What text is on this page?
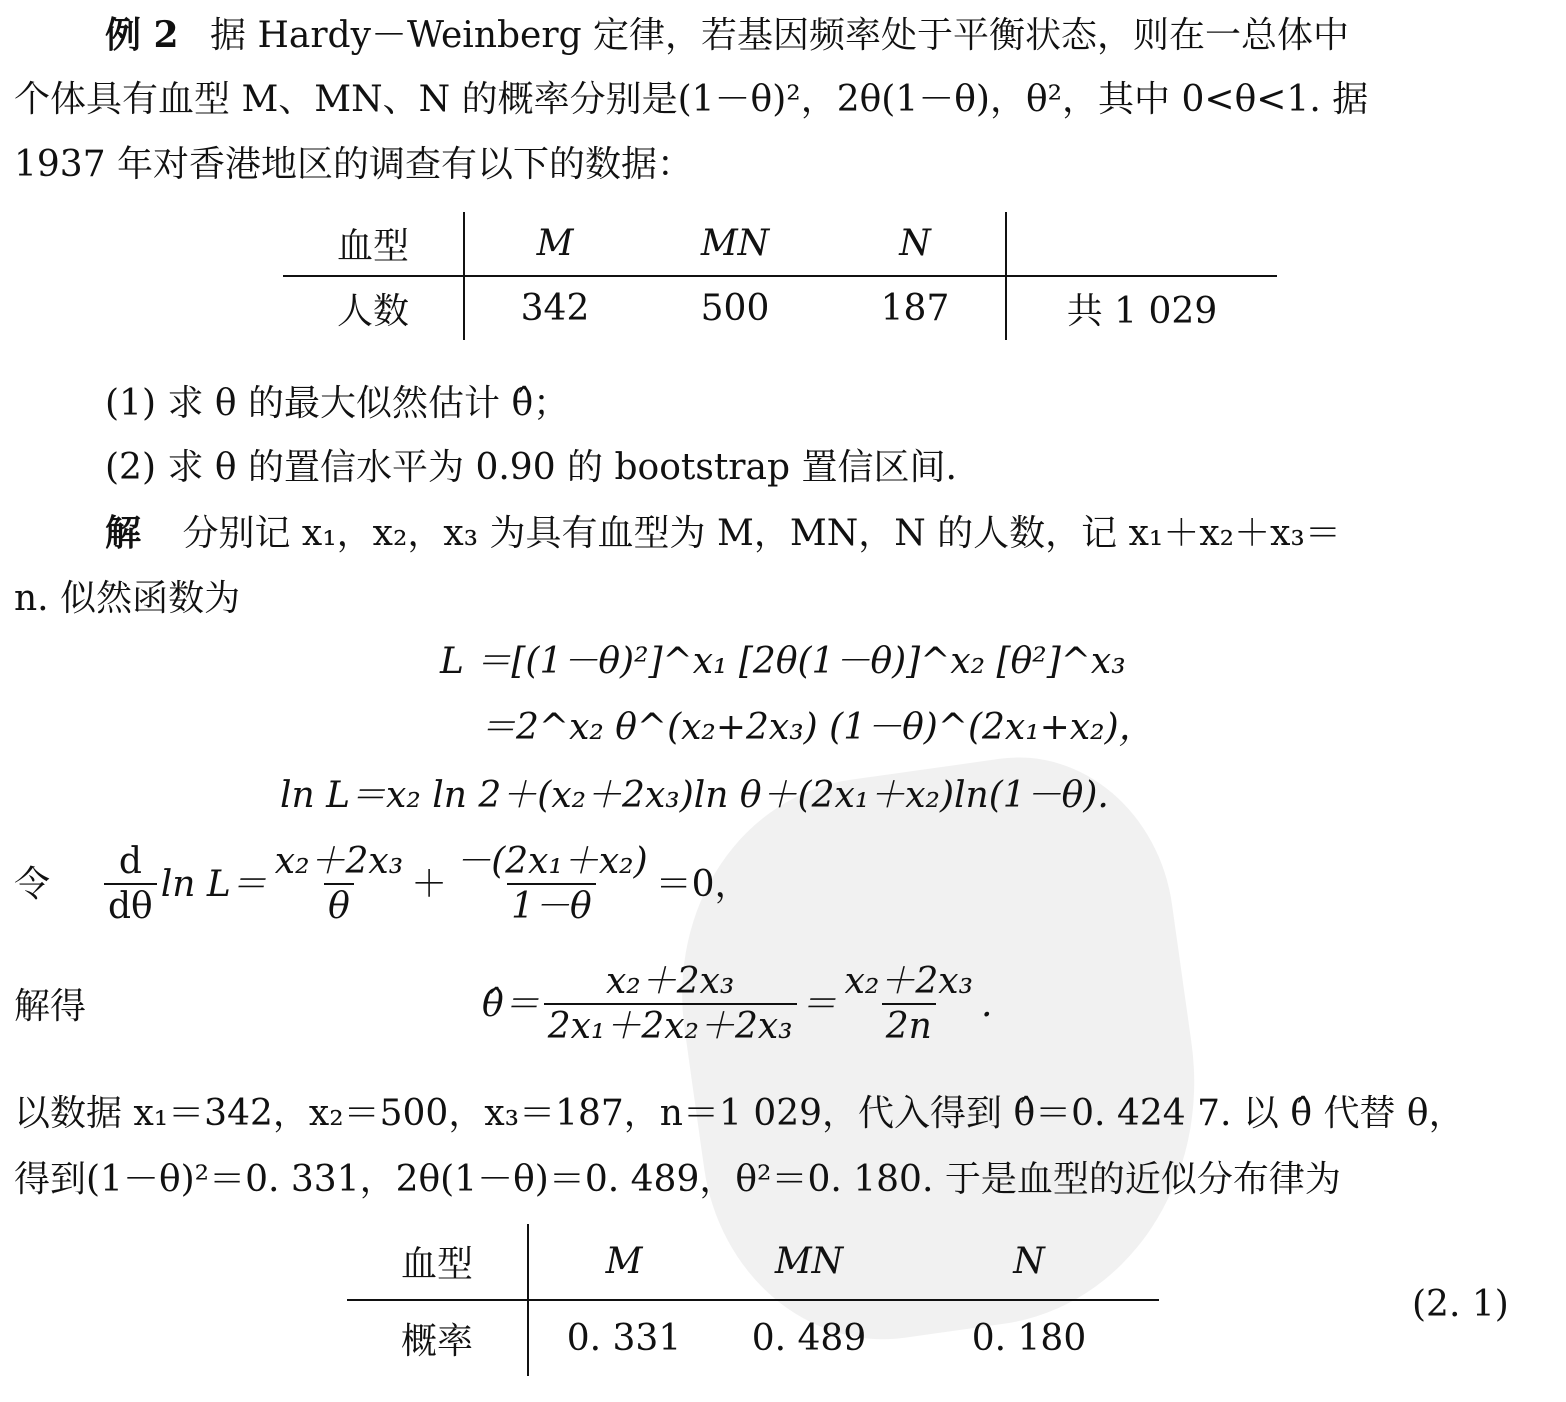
例 2 据 Hardy－Weinberg 定律，若基因频率处于平衡状态，则在一总体中
个体具有血型 M、MN、N 的概率分别是(1－θ)²，2θ(1－θ)，θ²，其中 0<θ<1. 据
1937 年对香港地区的调查有以下的数据：
血型	M	MN	N	
人数	342	500	187	共 1 029
(1) 求 θ 的最大似然估计 θ̂；
(2) 求 θ 的置信水平为 0.90 的 bootstrap 置信区间.
解 分别记 x₁，x₂，x₃ 为具有血型为 M，MN，N 的人数，记 x₁＋x₂＋x₃＝
n. 似然函数为
L ＝[(1－θ)²]^x₁ [2θ(1－θ)]^x₂ [θ²]^x₃
＝2^x₂ θ^(x₂+2x₃) (1－θ)^(2x₁+x₂)，
ln L＝x₂ ln 2＋(x₂＋2x₃)ln θ＋(2x₁＋x₂)ln(1－θ).
令 $\frac{d}{d\theta}$ $\ln L= \frac{\text{x₂＋2x₃}}{\theta} + \frac{\text{－(2x₁＋x₂)}}{1-\theta} =0$，
解得	θ̂＝ $\frac{\text{x₂＋2x₃}}{\text{2x₁＋2x₂＋2x₃}} = \frac{\text{x₂＋2x₃}}{2n}$ .
以数据 x₁＝342，x₂＝500，x₃＝187，n＝1 029，代入得到 θ̂＝0. 424 7. 以 θ̂ 代替 θ，
得到(1－θ)²＝0. 331，2θ(1－θ)＝0. 489，θ²＝0. 180. 于是血型的近似分布律为
血型	M	MN	N
概率	0. 331	0. 489	0. 180
(2. 1)
